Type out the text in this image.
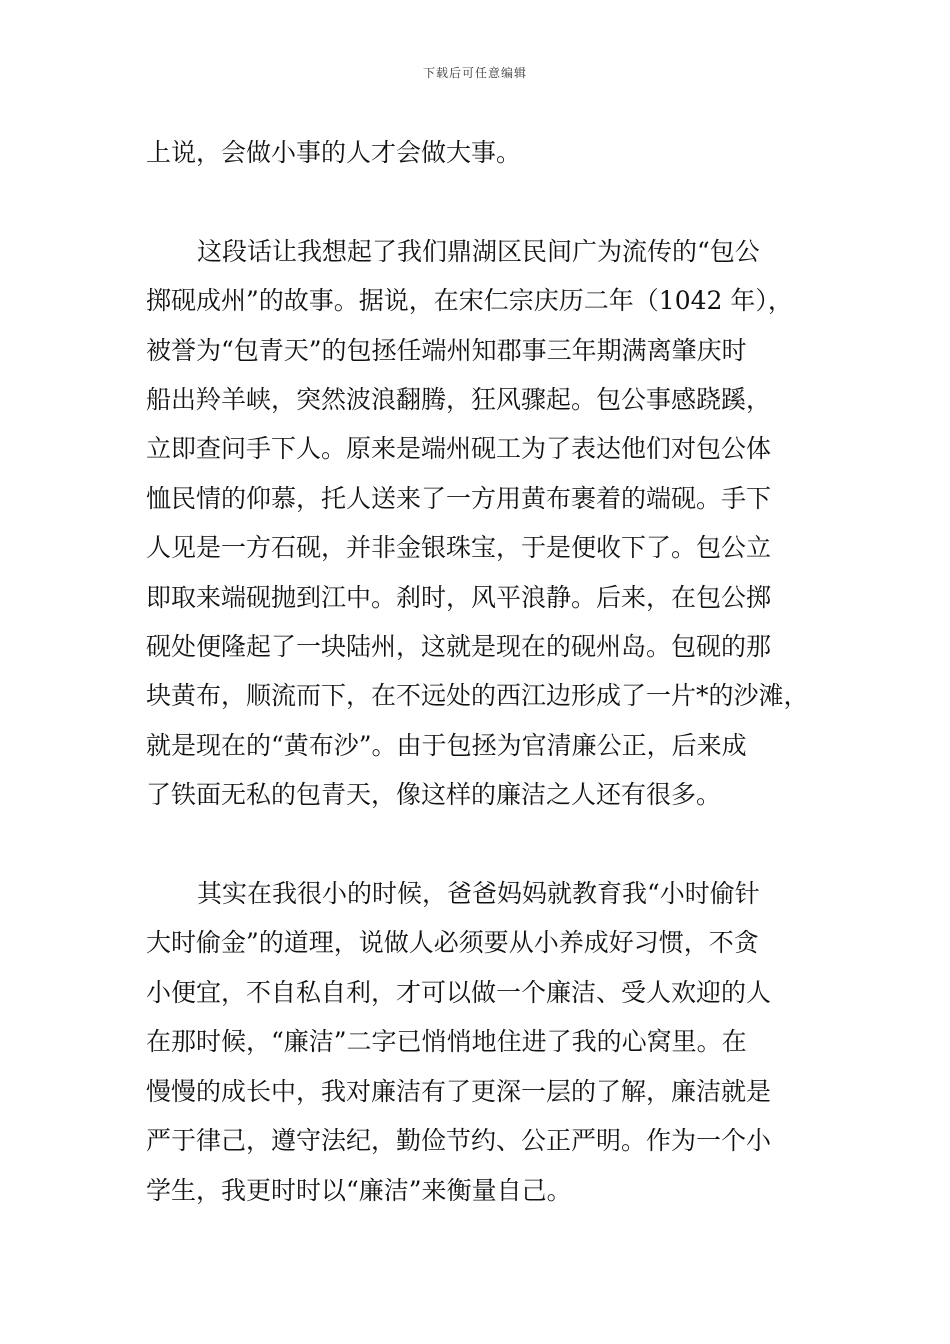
下载后可任意编辑

上说，会做小事的人才会做大事。

这段话让我想起了我们鼎湖区民间广为流传的“包公
掷砚成州”的故事。据说，在宋仁宗庆历二年（1042 年），
被誉为“包青天”的包拯任端州知郡事三年期满离肇庆时
船出羚羊峡，突然波浪翻腾，狂风骤起。包公事感跷蹊，
立即查问手下人。原来是端州砚工为了表达他们对包公体
恤民情的仰慕，托人送来了一方用黄布裹着的端砚。手下
人见是一方石砚，并非金银珠宝，于是便收下了。包公立
即取来端砚抛到江中。刹时，风平浪静。后来，在包公掷
砚处便隆起了一块陆州，这就是现在的砚州岛。包砚的那
块黄布，顺流而下，在不远处的西江边形成了一片*的沙滩，
就是现在的“黄布沙”。由于包拯为官清廉公正，后来成
了铁面无私的包青天，像这样的廉洁之人还有很多。

其实在我很小的时候，爸爸妈妈就教育我“小时偷针
大时偷金”的道理，说做人必须要从小养成好习惯，不贪
小便宜，不自私自利，才可以做一个廉洁、受人欢迎的人
在那时候，“廉洁”二字已悄悄地住进了我的心窝里。在
慢慢的成长中，我对廉洁有了更深一层的了解，廉洁就是
严于律己，遵守法纪，勤俭节约、公正严明。作为一个小
学生，我更时时以“廉洁”来衡量自己。
